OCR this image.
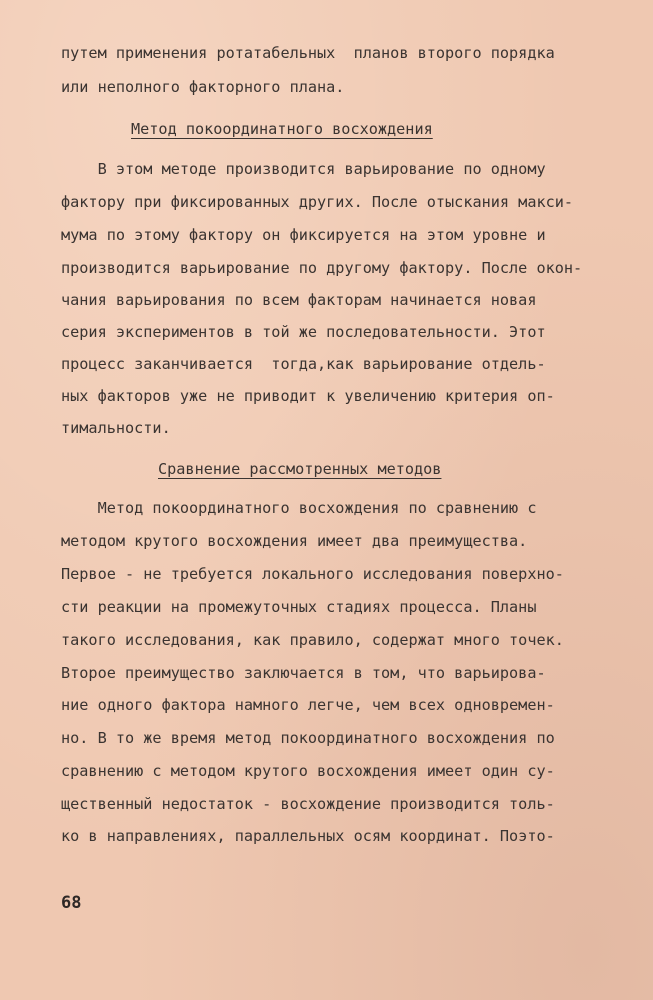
путем применения ротатабельных  планов второго порядка
или неполного факторного плана.
Метод покоординатного восхождения
В этом методе производится варьирование по одному
фактору при фиксированных других. После отыскания макси-
мума по этому фактору он фиксируется на этом уровне и
производится варьирование по другому фактору. После окон-
чания варьирования по всем факторам начинается новая
серия экспериментов в той же последовательности. Этот
процесс заканчивается  тогда,как варьирование отдель-
ных факторов уже не приводит к увеличению критерия оп-
тимальности.
Сравнение рассмотренных методов
Метод покоординатного восхождения по сравнению с
методом крутого восхождения имеет два преимущества.
Первое - не требуется локального исследования поверхно-
сти реакции на промежуточных стадиях процесса. Планы
такого исследования, как правило, содержат много точек.
Второе преимущество заключается в том, что варьирова-
ние одного фактора намного легче, чем всех одновремен-
но. В то же время метод покоординатного восхождения по
сравнению с методом крутого восхождения имеет один су-
щественный недостаток - восхождение производится толь-
ко в направлениях, параллельных осям координат. Поэто-
68
